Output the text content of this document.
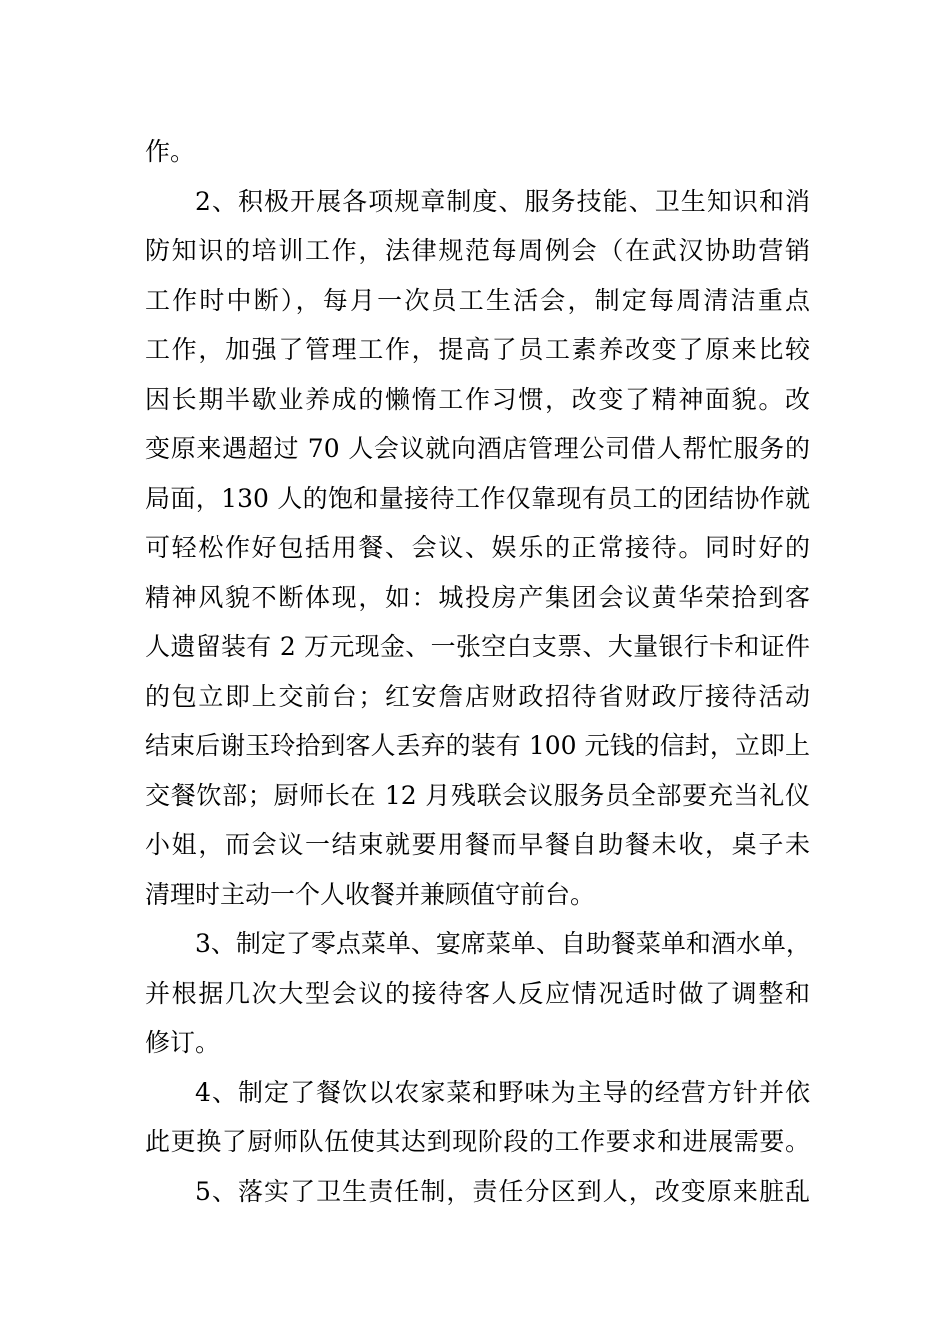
作。
2、积极开展各项规章制度、服务技能、卫生知识和消
防知识的培训工作，法律规范每周例会（在武汉协助营销
工作时中断），每月一次员工生活会，制定每周清洁重点
工作，加强了管理工作，提高了员工素养改变了原来比较
因长期半歇业养成的懒惰工作习惯，改变了精神面貌。改
变原来遇超过 70 人会议就向酒店管理公司借人帮忙服务的
局面，130 人的饱和量接待工作仅靠现有员工的团结协作就
可轻松作好包括用餐、会议、娱乐的正常接待。同时好的
精神风貌不断体现，如：城投房产集团会议黄华荣拾到客
人遗留装有 2 万元现金、一张空白支票、大量银行卡和证件
的包立即上交前台；红安詹店财政招待省财政厅接待活动
结束后谢玉玲拾到客人丢弃的装有 100 元钱的信封，立即上
交餐饮部；厨师长在 12 月残联会议服务员全部要充当礼仪
小姐，而会议一结束就要用餐而早餐自助餐未收，桌子未
清理时主动一个人收餐并兼顾值守前台。
3、制定了零点菜单、宴席菜单、自助餐菜单和酒水单，
并根据几次大型会议的接待客人反应情况适时做了调整和
修订。
4、制定了餐饮以农家菜和野味为主导的经营方针并依
此更换了厨师队伍使其达到现阶段的工作要求和进展需要。
5、落实了卫生责任制，责任分区到人，改变原来脏乱
